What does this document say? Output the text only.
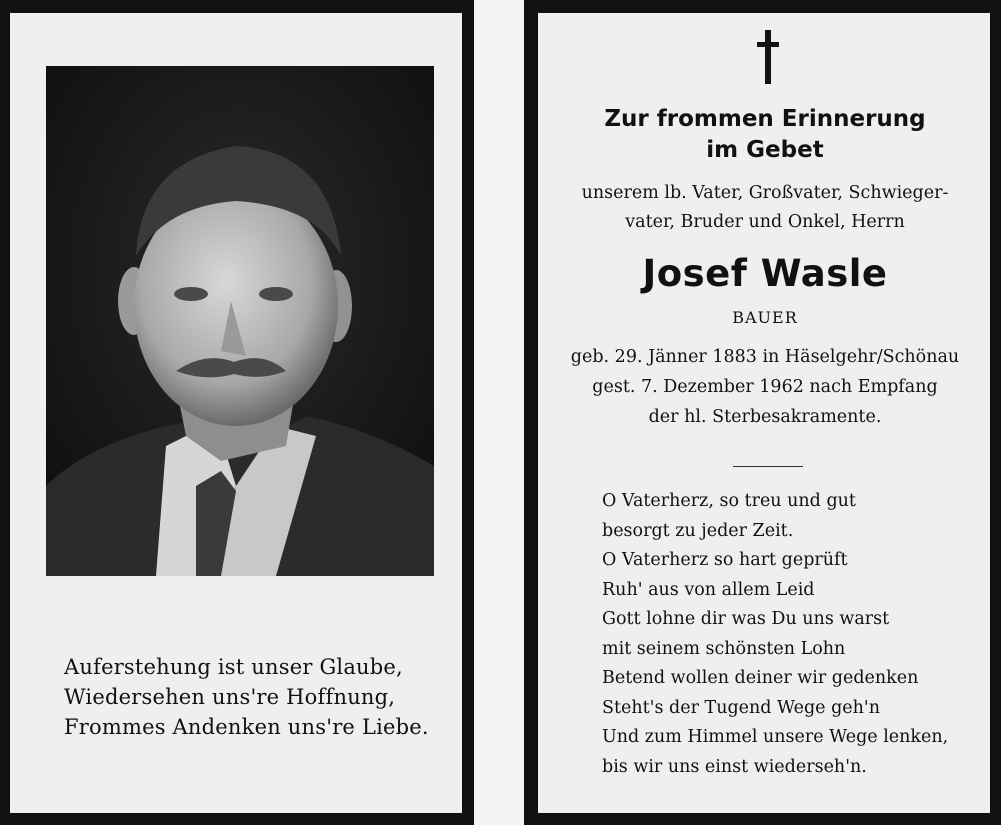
Auferstehung ist unser Glaube,
Wiedersehen uns're Hoffnung,
Frommes Andenken uns're Liebe.
Zur frommen Erinnerung
im Gebet
unserem lb. Vater, Großvater, Schwieger-
vater, Bruder und Onkel, Herrn
Josef Wasle
BAUER
geb. 29. Jänner 1883 in Häselgehr/Schönau
gest. 7. Dezember 1962 nach Empfang
der hl. Sterbesakramente.
O Vaterherz, so treu und gut
besorgt zu jeder Zeit.
O Vaterherz so hart geprüft
Ruh' aus von allem Leid
Gott lohne dir was Du uns warst
mit seinem schönsten Lohn
Betend wollen deiner wir gedenken
Steht's der Tugend Wege geh'n
Und zum Himmel unsere Wege lenken,
bis wir uns einst wiederseh'n.
